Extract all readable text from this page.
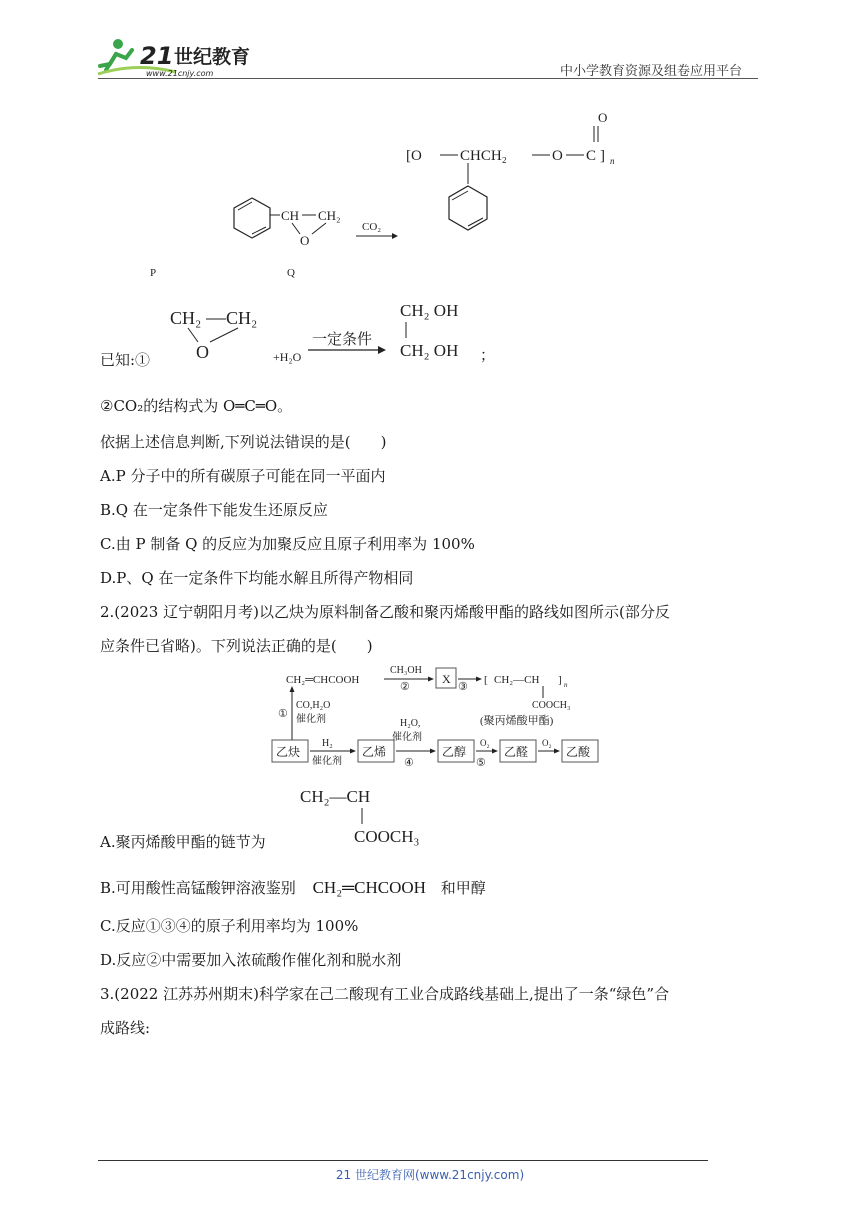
21 世纪教育
www.21cnjy.com	中小学教育资源及组卷应用平台
O
[O	CHCH₂	O C ] n
CH CH₂
O
CO₂
P	Q
已知:①
CH₂ CH₂
O	+H₂O
一定条件
CH₂ OH
CH₂ OH ；
②CO₂的结构式为 O═C═O。
依据上述信息判断,下列说法错误的是(　　)
A.P 分子中的所有碳原子可能在同一平面内
B.Q 在一定条件下能发生还原反应
C.由 P 制备 Q 的反应为加聚反应且原子利用率为 100%
D.P、Q 在一定条件下均能水解且所得产物相同
2.(2023 辽宁朝阳月考)以乙炔为原料制备乙酸和聚丙烯酸甲酯的路线如图所示(部分反
应条件已省略)。下列说法正确的是(　　)
CH₂═CHCOOH
CH₃OH
②
X
③
[ CH₂—CH ] n
COOCH₃
(聚丙烯酸甲酯)
①
CO,H₂O
催化剂
乙炔
H₂
催化剂
乙烯
H₂O,
催化剂
④
乙醇
O₂
⑤
乙醛
O₂
乙酸
CH₂—CH
COOCH₃
A.聚丙烯酸甲酯的链节为
B.可用酸性高锰酸钾溶液鉴别 CH₂═CHCOOH 和甲醇
C.反应①③④的原子利用率均为 100%
D.反应②中需要加入浓硫酸作催化剂和脱水剂
3.(2022 江苏苏州期末)科学家在己二酸现有工业合成路线基础上,提出了一条“绿色”合
成路线:
21 世纪教育网(www.21cnjy.com)
